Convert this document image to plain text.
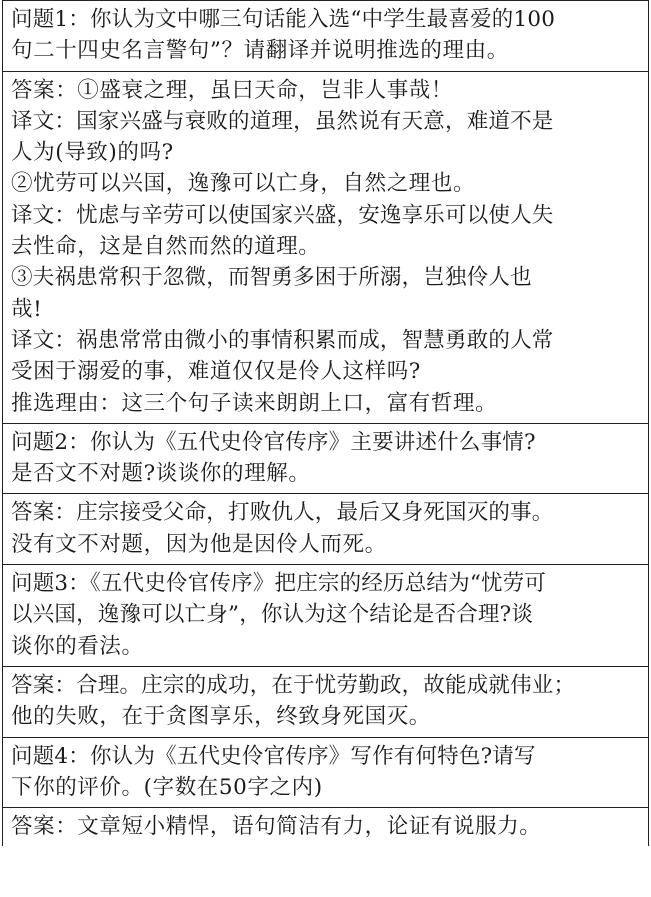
问题1：你认为文中哪三句话能入选“中学生最喜爱的100
句二十四史名言警句”？请翻译并说明推选的理由。
答案：①盛衰之理，虽曰天命，岂非人事哉！
译文：国家兴盛与衰败的道理，虽然说有天意，难道不是
人为(导致)的吗?
②忧劳可以兴国，逸豫可以亡身，自然之理也。
译文：忧虑与辛劳可以使国家兴盛，安逸享乐可以使人失
去性命，这是自然而然的道理。
③夫祸患常积于忽微，而智勇多困于所溺，岂独伶人也
哉!
译文：祸患常常由微小的事情积累而成，智慧勇敢的人常
受困于溺爱的事，难道仅仅是伶人这样吗?
推选理由：这三个句子读来朗朗上口，富有哲理。
问题2：你认为《五代史伶官传序》主要讲述什么事情?
是否文不对题?谈谈你的理解。
答案：庄宗接受父命，打败仇人，最后又身死国灭的事。
没有文不对题，因为他是因伶人而死。
问题3：《五代史伶官传序》把庄宗的经历总结为“忧劳可
以兴国，逸豫可以亡身”，你认为这个结论是否合理?谈
谈你的看法。
答案：合理。庄宗的成功，在于忧劳勤政，故能成就伟业；
他的失败，在于贪图享乐，终致身死国灭。
问题4：你认为《五代史伶官传序》写作有何特色?请写
下你的评价。(字数在50字之内)
答案：文章短小精悍，语句简洁有力，论证有说服力。
